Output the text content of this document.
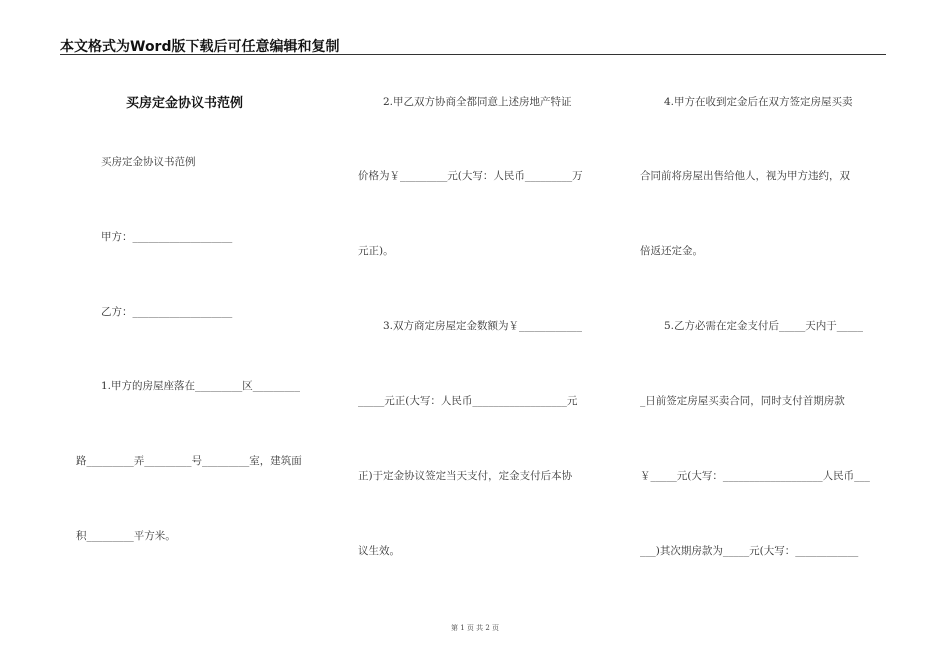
本文格式为Word版下载后可任意编辑和复制
买房定金协议书范例
买房定金协议书范例
甲方：___________________
乙方：___________________
1.甲方的房屋座落在_________区_________
路_________弄_________号_________室，建筑面
积_________平方米。
2.甲乙双方协商全都同意上述房地产特证
价格为￥_________元(大写：人民币_________万
元正)。
3.双方商定房屋定金数额为￥____________
_____元正(大写：人民币__________________元
正)于定金协议签定当天支付，定金支付后本协
议生效。
4.甲方在收到定金后在双方签定房屋买卖
合同前将房屋出售给他人，视为甲方违约，双
倍返还定金。
5.乙方必需在定金支付后_____天内于_____
_日前签定房屋买卖合同，同时支付首期房款
￥_____元(大写：___________________人民币___
___)其次期房款为_____元(大写：____________
第 1 页 共 2 页
